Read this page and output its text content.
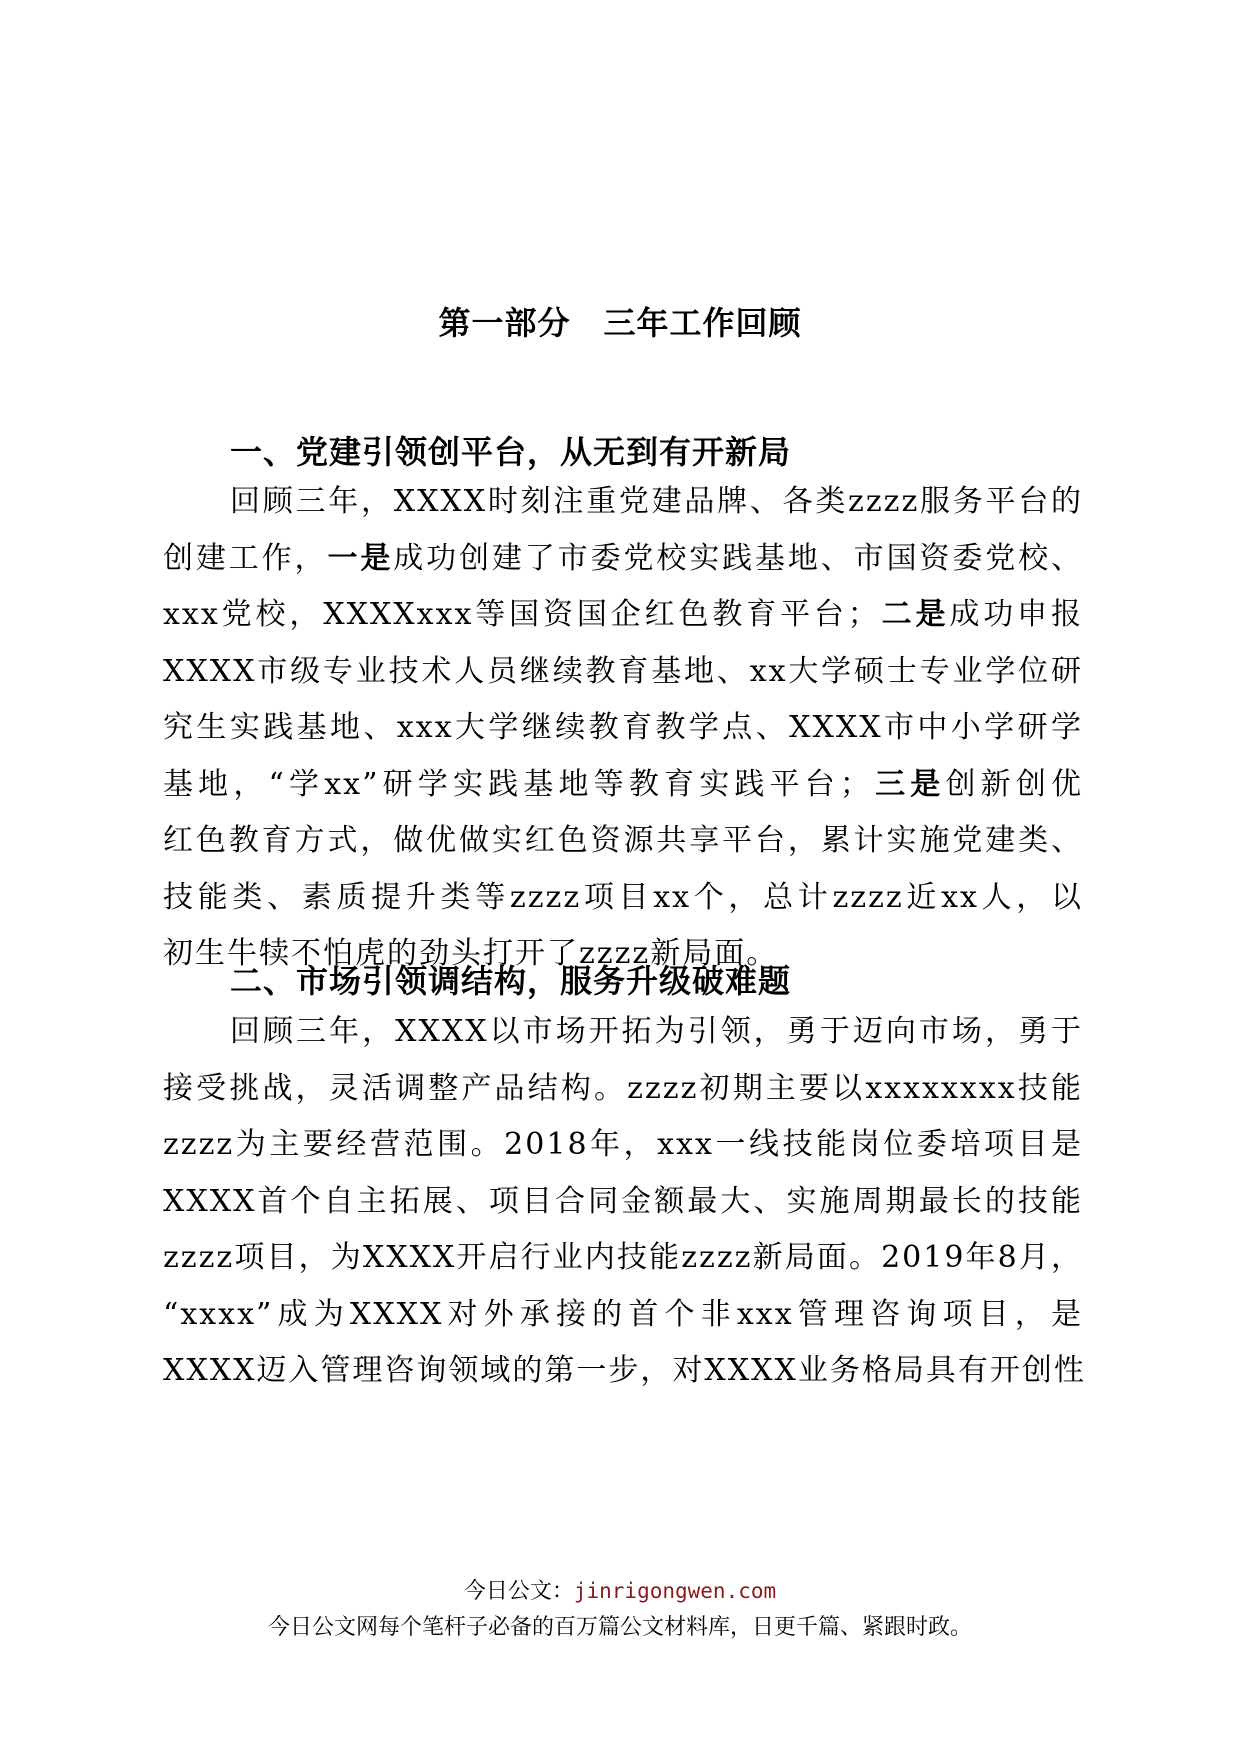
第一部分　三年工作回顾
一、党建引领创平台，从无到有开新局
回顾三年，XXXX时刻注重党建品牌、各类zzzz服务平台的
创建工作，一是成功创建了市委党校实践基地、市国资委党校、
xxx党校，XXXXxxx等国资国企红色教育平台；二是成功申报
XXXX市级专业技术人员继续教育基地、xx大学硕士专业学位研
究生实践基地、xxx大学继续教育教学点、XXXX市中小学研学
基地，“学xx”研学实践基地等教育实践平台；三是创新创优
红色教育方式，做优做实红色资源共享平台，累计实施党建类、
技能类、素质提升类等zzzz项目xx个，总计zzzz近xx人，以
初生牛犊不怕虎的劲头打开了zzzz新局面。
二、市场引领调结构，服务升级破难题
回顾三年，XXXX以市场开拓为引领，勇于迈向市场，勇于
接受挑战，灵活调整产品结构。zzzz初期主要以xxxxxxxx技能
zzzz为主要经营范围。2018年，xxx一线技能岗位委培项目是
XXXX首个自主拓展、项目合同金额最大、实施周期最长的技能
zzzz项目，为XXXX开启行业内技能zzzz新局面。2019年8月，
“xxxx”成为XXXX对外承接的首个非xxx管理咨询项目，是
XXXX迈入管理咨询领域的第一步，对XXXX业务格局具有开创性
今日公文：jinrigongwen.com
今日公文网每个笔杆子必备的百万篇公文材料库，日更千篇、紧跟时政。
